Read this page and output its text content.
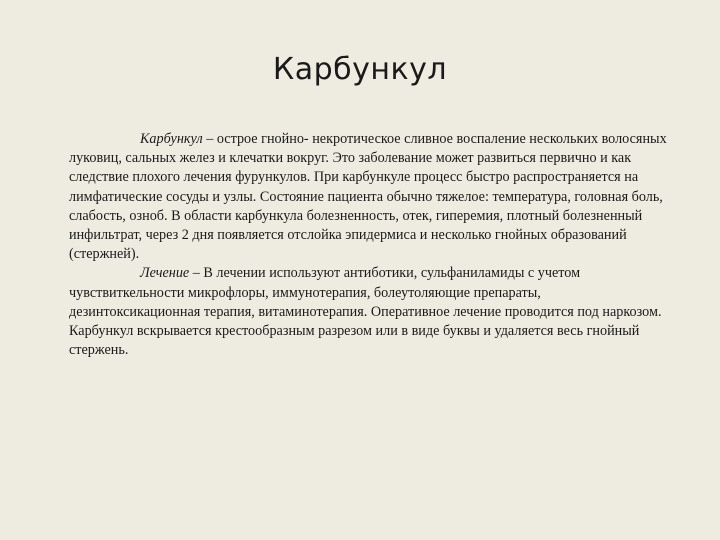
Карбункул

Карбункул – острое гнойно- некротическое сливное воспаление нескольких волосяных луковиц, сальных желез и клечатки вокруг. Это заболевание может развиться первично и как следствие плохого лечения фурункулов. При карбункуле процесс быстро распространяется на лимфатические сосуды и узлы. Состояние пациента обычно тяжелое: температура, головная боль, слабость, озноб. В области карбункула болезненность, отек, гиперемия, плотный болезненный инфильтрат, через 2 дня появляется отслойка эпидермиса и несколько гнойных образований (стержней).

Лечение – В лечении используют антиботики, сульфаниламиды с учетом чувствиткельности микрофлоры, иммунотерапия, болеутоляющие препараты, дезинтоксикационная терапия, витаминотерапия. Оперативное лечение проводится под наркозом. Карбункул вскрывается крестообразным разрезом или в виде буквы и удаляется весь гнойный стержень.
